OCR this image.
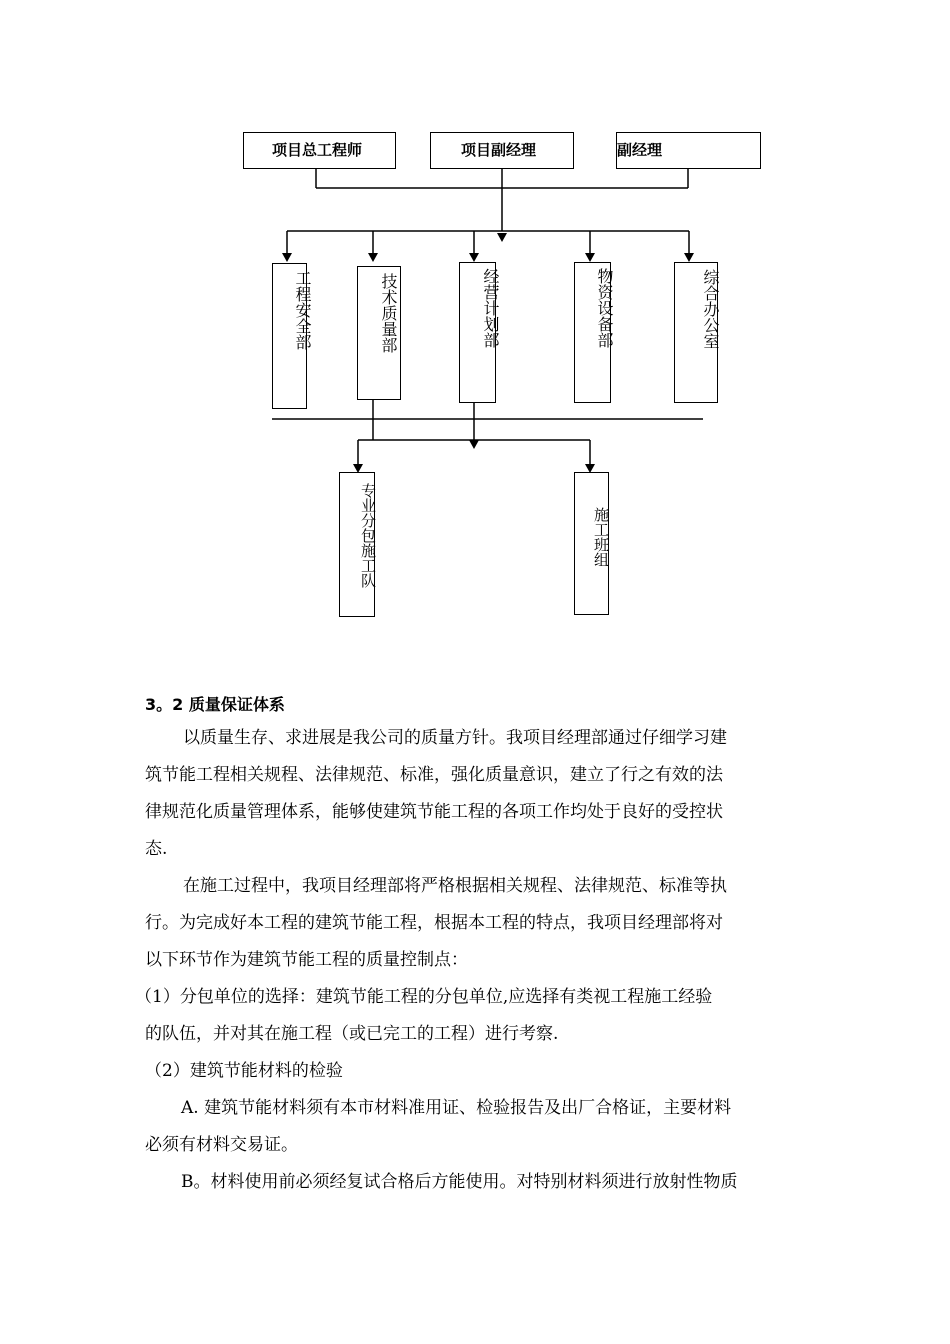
项目总工程师	项目副经理	副经理
工程安全部	技术质量部	经营计划部	物资设备部	综合办公室
专业分包施工队	施工班组
3。2 质量保证体系

以质量生存、求进展是我公司的质量方针。我项目经理部通过仔细学习建
筑节能工程相关规程、法律规范、标准，强化质量意识，建立了行之有效的法
律规范化质量管理体系，能够使建筑节能工程的各项工作均处于良好的受控状
态.

在施工过程中，我项目经理部将严格根据相关规程、法律规范、标准等执
行。为完成好本工程的建筑节能工程，根据本工程的特点，我项目经理部将对
以下环节作为建筑节能工程的质量控制点：

（1）分包单位的选择：建筑节能工程的分包单位,应选择有类视工程施工经验
的队伍，并对其在施工程（或已完工的工程）进行考察.

（2）建筑节能材料的检验

A. 建筑节能材料须有本市材料准用证、检验报告及出厂合格证，主要材料
必须有材料交易证。

B。材料使用前必须经复试合格后方能使用。对特别材料须进行放射性物质
